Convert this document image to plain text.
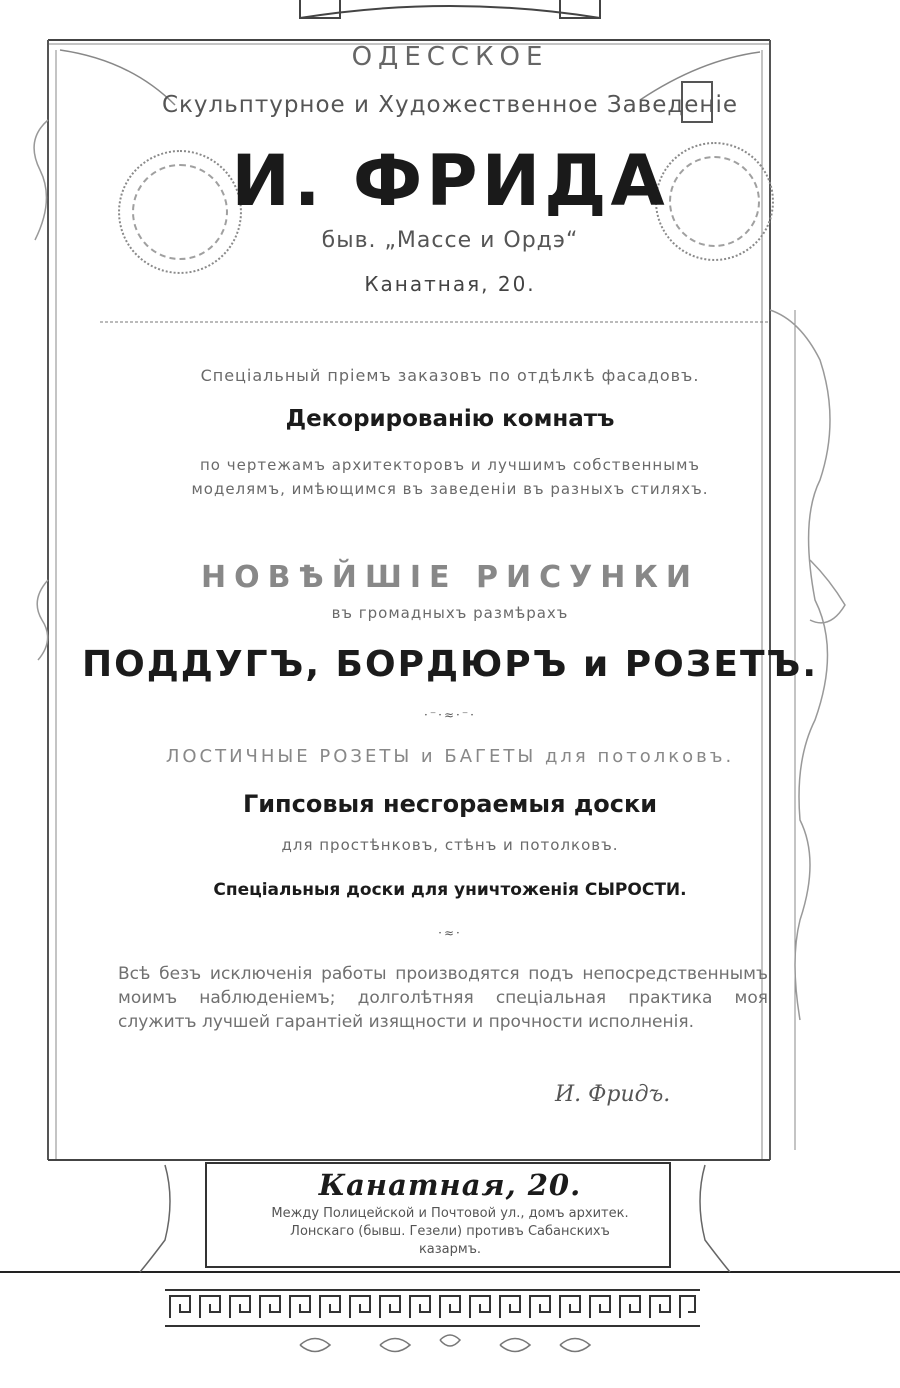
ОДЕССКОЕ
Скульптурное и Художественное Заведеніе
И. ФРИДА
быв. „Массе и Ордэ“
Канатная, 20.
Спеціальный пріемъ заказовъ по отдѣлкѣ фасадовъ.
Декорированію комнатъ
по чертежамъ архитекторовъ и лучшимъ собственнымъ
моделямъ, имѣющимся въ заведеніи въ разныхъ стиляхъ.
НОВѢЙШІЕ РИСУНКИ
въ громадныхъ размѣрахъ
ПОДДУГЪ, БОРДЮРЪ и РОЗЕТЪ.
·⁻·≈·⁻·
ЛОСТИЧНЫЕ РОЗЕТЫ и БАГЕТЫ для потолковъ.
Гипсовыя несгораемыя доски
для простѣнковъ, стѣнъ и потолковъ.
Спеціальныя доски для уничтоженія СЫРОСТИ.
·≈·
Всѣ безъ исключенія работы производятся подъ непосредственнымъ моимъ наблюденіемъ; долголѣтняя спеціальная практика моя служитъ лучшей гарантіей изящности и прочности исполненія.
И. Фридъ.
Канатная, 20.
Между Полицейской и Почтовой ул., домъ архитек.
Лонскаго (бывш. Гезели) противъ Сабанскихъ
казармъ.
